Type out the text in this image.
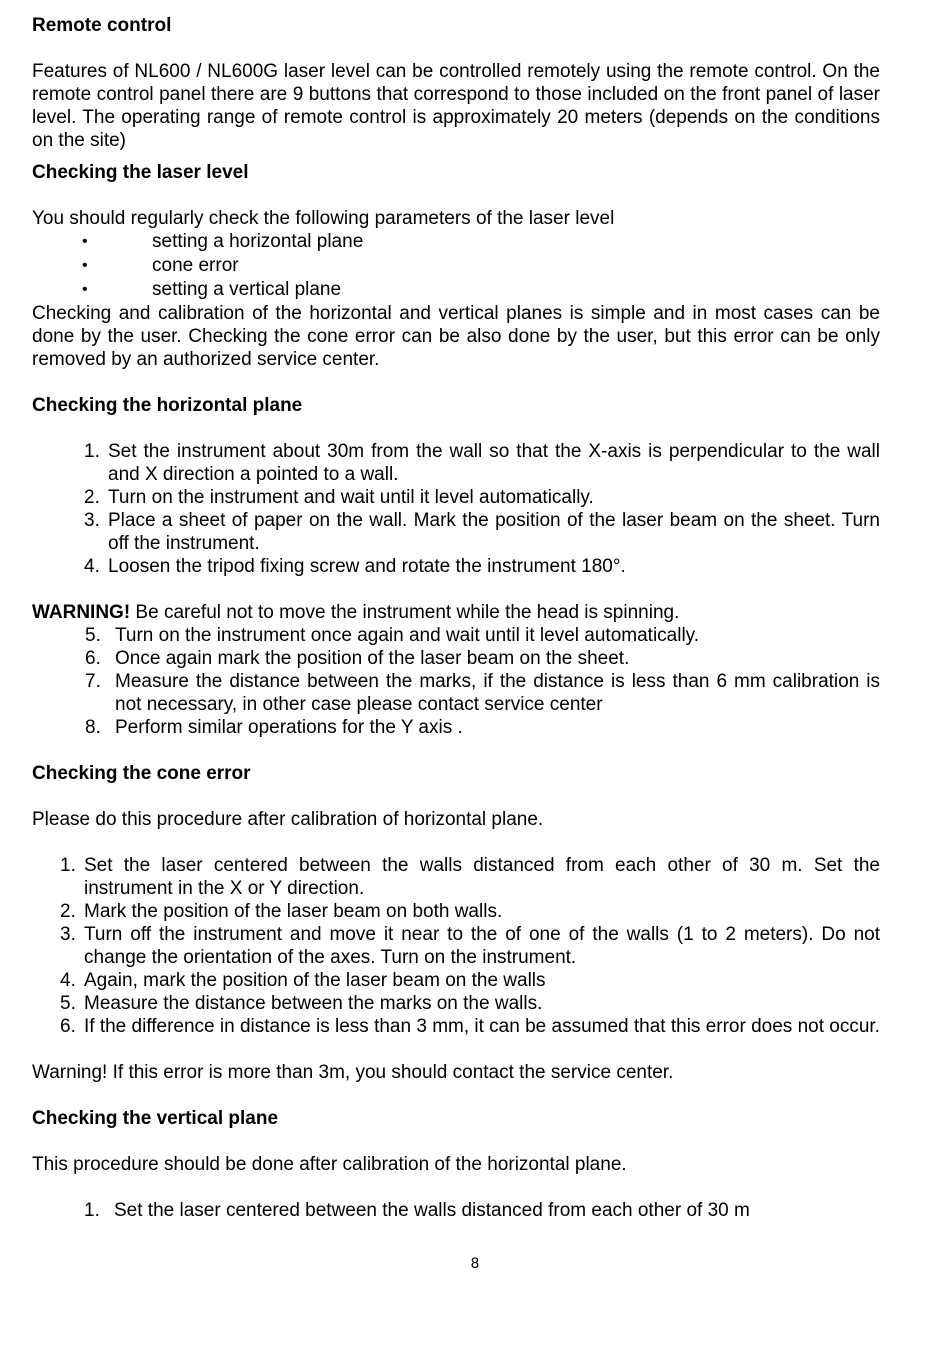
Remote control

Features of NL600 / NL600G laser level can be controlled remotely using the remote control. On the remote control panel there are 9 buttons that correspond to those included on the front panel of laser level. The operating range of remote control is approximately 20 meters (depends on the conditions on the site)

Checking the laser level

You should regularly check the following parameters of the laser level

• setting a horizontal plane
• cone error
• setting a vertical plane

Checking and calibration of the horizontal and vertical planes is simple and in most cases can be done by the user. Checking the cone error can be also done by the user, but this error can be only removed by an authorized service center.

Checking the horizontal plane
1. Set the instrument about 30m from the wall so that the X-axis is perpendicular to the wall and X direction a pointed to a wall.
2. Turn on the instrument and wait until it level automatically.
3. Place a sheet of paper on the wall. Mark the position of the laser beam on the sheet. Turn off the instrument.
4. Loosen the tripod fixing screw and rotate the instrument 180°.

WARNING! Be careful not to move the instrument while the head is spinning.

5. Turn on the instrument once again and wait until it level automatically.
6. Once again mark the position of the laser beam on the sheet.
7. Measure the distance between the marks, if the distance is less than 6 mm calibration is not necessary, in other case please contact service center
8. Perform similar operations for the Y axis .
Checking the cone error

Please do this procedure after calibration of horizontal plane.

1. Set the laser centered between the walls distanced from each other of 30 m. Set the instrument in the X or Y direction.
2. Mark the position of the laser beam on both walls.
3. Turn off the instrument and move it near to the of one of the walls (1 to 2 meters). Do not change the orientation of the axes. Turn on the instrument.
4. Again, mark the position of the laser beam on the walls
5. Measure the distance between the marks on the walls.
6. If the difference in distance is less than 3 mm, it can be assumed that this error does not occur.

Warning! If this error is more than 3m, you should contact the service center.

Checking the vertical plane

This procedure should be done after calibration of the horizontal plane.

1. Set the laser centered between the walls distanced from each other of 30 m
8
